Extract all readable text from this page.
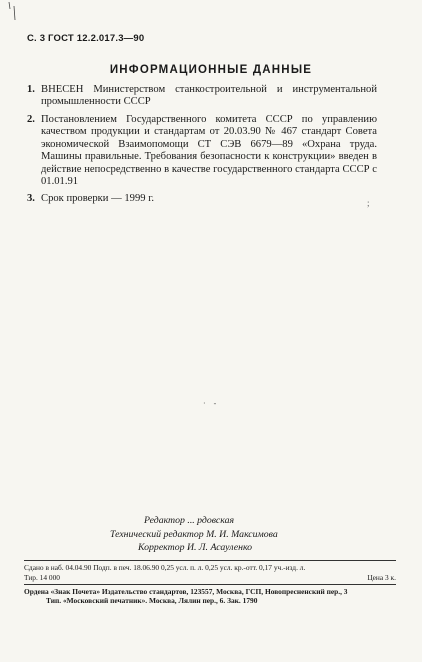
С. 3 ГОСТ 12.2.017.3—90
ИНФОРМАЦИОННЫЕ ДАННЫЕ
1. ВНЕСЕН Министерством станкостроительной и инструментальной промышленности СССР
2. Постановлением Государственного комитета СССР по управлению качеством продукции и стандартам от 20.03.90 № 467 стандарт Совета экономической Взаимопомощи СТ СЭВ 6679—89 «Охрана труда. Машины правильные. Требования безопасности к конструкции» введен в действие непосредственно в качестве государственного стандарта СССР с 01.01.91
3. Срок проверки — 1999 г.	;
· -
Редактор ... рдовская
Технический редактор М. И. Максимова
Корректор И. Л. Асауленко
Сдано в наб. 04.04.90 Подп. в печ. 18.06.90 0,25 усл. п. л. 0,25 усл. кр.-отт. 0,17 уч.-изд. л.
Тир. 14 000	Цена 3 к.
Ордена «Знак Почета» Издательство стандартов, 123557, Москва, ГСП, Новопресненский пер., 3
Тип. «Московский печатник». Москва, Лялин пер., 6. Зак. 1790
